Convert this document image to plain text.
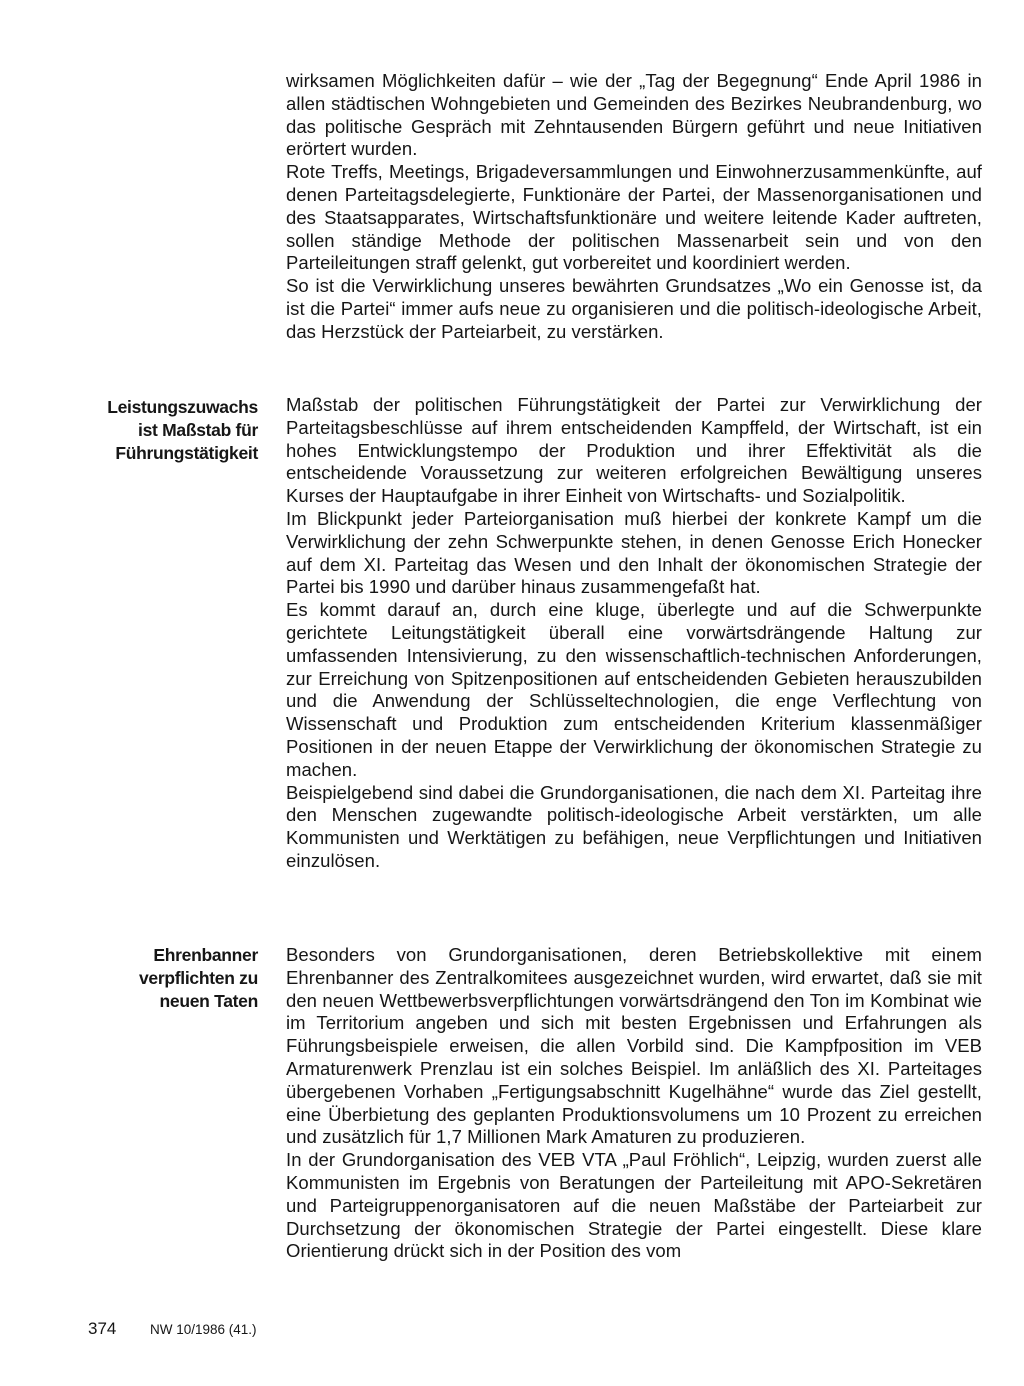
wirksamen Möglichkeiten dafür – wie der „Tag der Begegnung“ Ende April 1986 in allen städtischen Wohngebieten und Gemeinden des Bezirkes Neubrandenburg, wo das politische Gespräch mit Zehntausenden Bürgern geführt und neue Initiativen erörtert wurden.

Rote Treffs, Meetings, Brigadeversammlungen und Einwohnerzusammenkünfte, auf denen Parteitagsdelegierte, Funktionäre der Partei, der Massenorganisationen und des Staatsapparates, Wirtschaftsfunktionäre und weitere leitende Kader auftreten, sollen ständige Methode der politischen Massenarbeit sein und von den Parteileitungen straff gelenkt, gut vorbereitet und koordiniert werden.

So ist die Verwirklichung unseres bewährten Grundsatzes „Wo ein Genosse ist, da ist die Partei“ immer aufs neue zu organisieren und die politisch-ideologische Arbeit, das Herzstück der Parteiarbeit, zu verstärken.

Leistungszuwachs
ist Maßstab für
Führungstätigkeit

Maßstab der politischen Führungstätigkeit der Partei zur Verwirklichung der Parteitagsbeschlüsse auf ihrem entscheidenden Kampffeld, der Wirtschaft, ist ein hohes Entwicklungstempo der Produktion und ihrer Effektivität als die entscheidende Voraussetzung zur weiteren erfolgreichen Bewältigung unseres Kurses der Hauptaufgabe in ihrer Einheit von Wirtschafts- und Sozialpolitik.

Im Blickpunkt jeder Parteiorganisation muß hierbei der konkrete Kampf um die Verwirklichung der zehn Schwerpunkte stehen, in denen Genosse Erich Honecker auf dem XI. Parteitag das Wesen und den Inhalt der ökonomischen Strategie der Partei bis 1990 und darüber hinaus zusammengefaßt hat.

Es kommt darauf an, durch eine kluge, überlegte und auf die Schwerpunkte gerichtete Leitungstätigkeit überall eine vorwärtsdrängende Haltung zur umfassenden Intensivierung, zu den wissenschaftlich-technischen Anforderungen, zur Erreichung von Spitzenpositionen auf entscheidenden Gebieten herauszubilden und die Anwendung der Schlüsseltechnologien, die enge Verflechtung von Wissenschaft und Produktion zum entscheidenden Kriterium klassenmäßiger Positionen in der neuen Etappe der Verwirklichung der ökonomischen Strategie zu machen.

Beispielgebend sind dabei die Grundorganisationen, die nach dem XI. Parteitag ihre den Menschen zugewandte politisch-ideologische Arbeit verstärkten, um alle Kommunisten und Werktätigen zu befähigen, neue Verpflichtungen und Initiativen einzulösen.

Ehrenbanner
verpflichten zu
neuen Taten

Besonders von Grundorganisationen, deren Betriebskollektive mit einem Ehrenbanner des Zentralkomitees ausgezeichnet wurden, wird erwartet, daß sie mit den neuen Wettbewerbsverpflichtungen vorwärtsdrängend den Ton im Kombinat wie im Territorium angeben und sich mit besten Ergebnissen und Erfahrungen als Führungsbeispiele erweisen, die allen Vorbild sind. Die Kampfposition im VEB Armaturenwerk Prenzlau ist ein solches Beispiel. Im anläßlich des XI. Parteitages übergebenen Vorhaben „Fertigungsabschnitt Kugelhähne“ wurde das Ziel gestellt, eine Überbietung des geplanten Produktionsvolumens um 10 Prozent zu erreichen und zusätzlich für 1,7 Millionen Mark Amaturen zu produzieren.

In der Grundorganisation des VEB VTA „Paul Fröhlich“, Leipzig, wurden zuerst alle Kommunisten im Ergebnis von Beratungen der Parteileitung mit APO-Sekretären und Parteigruppenorganisatoren auf die neuen Maßstäbe der Parteiarbeit zur Durchsetzung der ökonomischen Strategie der Partei eingestellt. Diese klare Orientierung drückt sich in der Position des vom

374 NW 10/1986 (41.)
